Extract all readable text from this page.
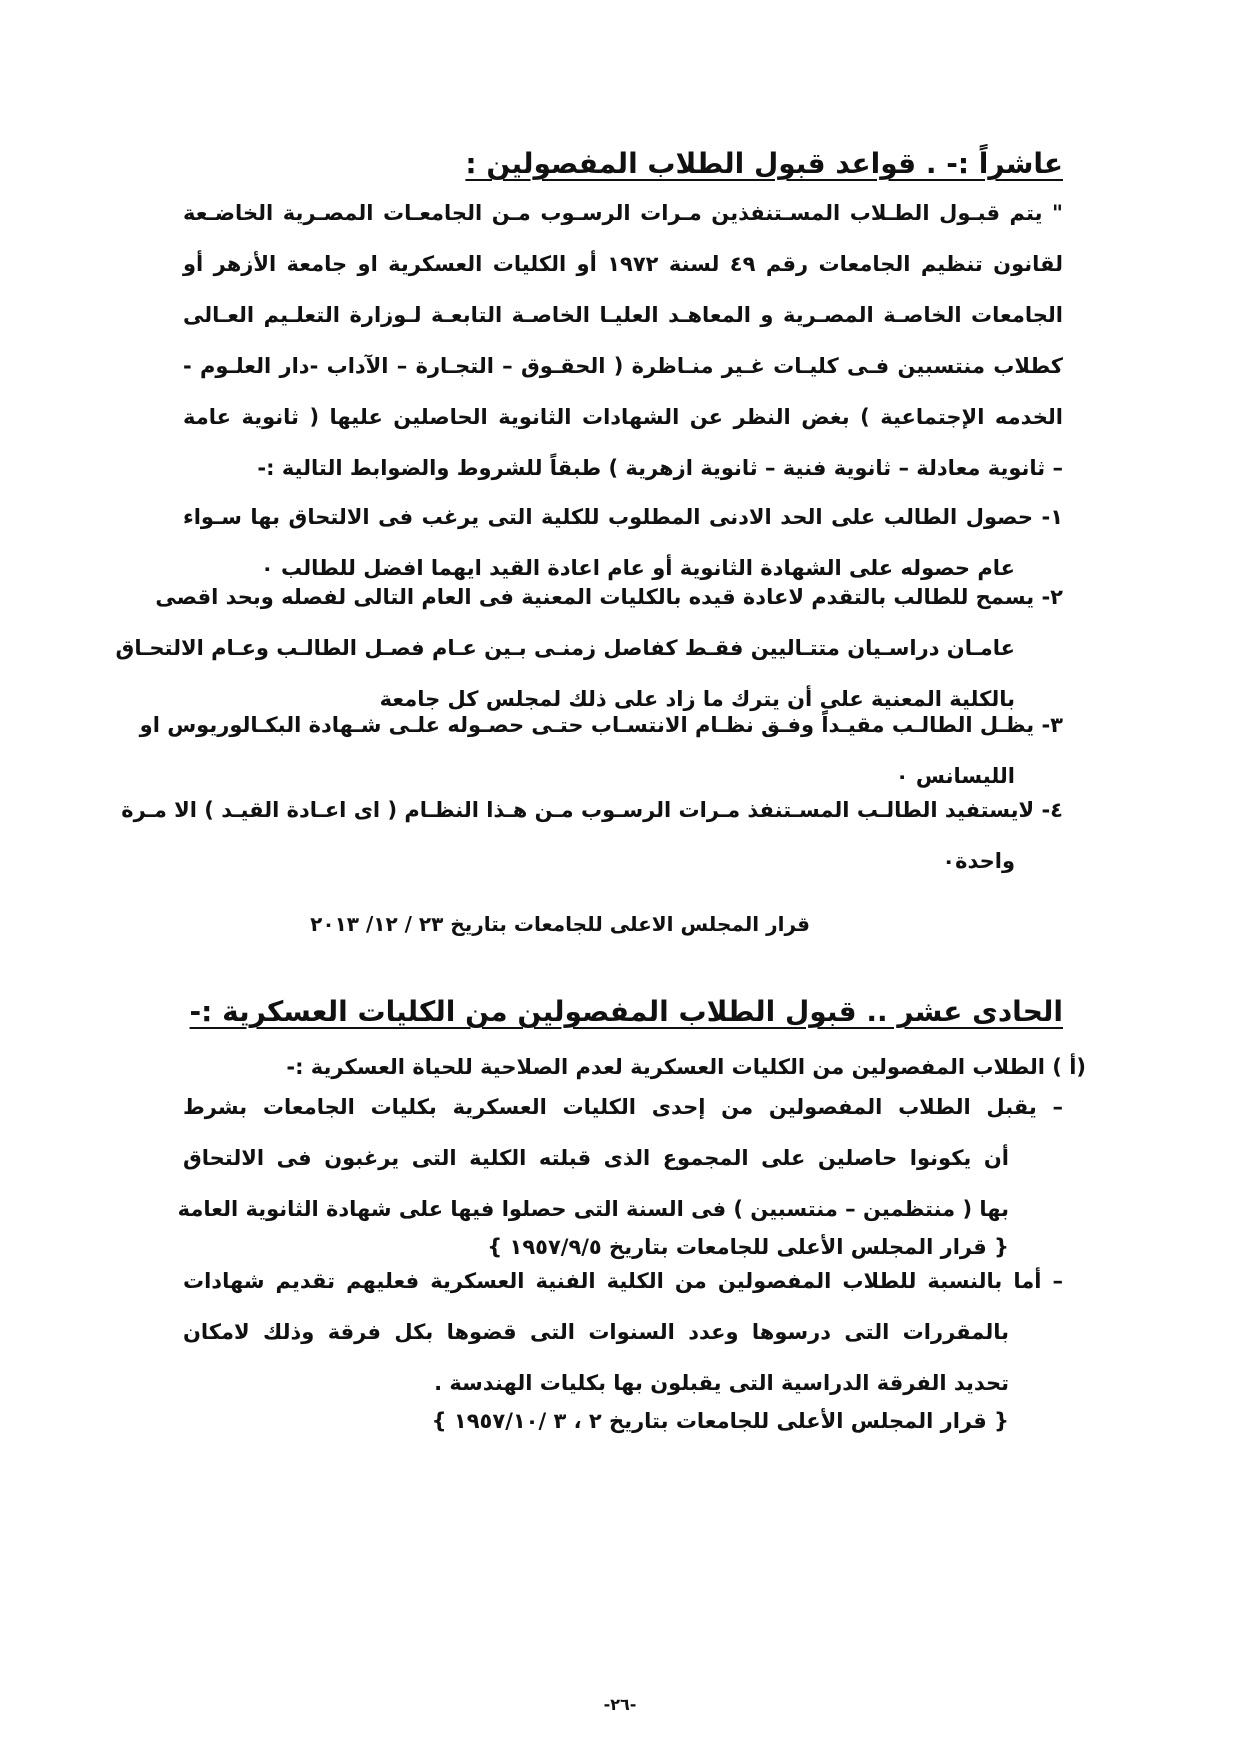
عاشراً :- . قواعد قبول الطلاب المفصولين :
" يتم قبـول الطـلاب المسـتنفذين مـرات الرسـوب مـن الجامعـات المصـرية الخاضـعة
لقانون تنظيم الجامعات رقم ٤٩ لسنة ١٩٧٢ أو الكليات العسكرية او جامعة الأزهر أو
الجامعات الخاصـة المصـرية و المعاهـد العليـا الخاصـة التابعـة لـوزارة التعلـيم العـالى
كطلاب منتسبين فـى كليـات غـير منـاظرة ( الحقـوق – التجـارة – الآداب -دار العلـوم -
الخدمه الإجتماعية ) بغض النظر عن الشهادات الثانوية الحاصلين عليها ( ثانوية عامة
– ثانوية معادلة – ثانوية فنية – ثانوية ازهرية ) طبقاً للشروط والضوابط التالية :-
١- حصول الطالب على الحد الادنى المطلوب للكلية التى يرغب فى الالتحاق بها سـواء
عام حصوله على الشهادة الثانوية أو عام اعادة القيد ايهما افضل للطالب ٠
٢- يسمح للطالب بالتقدم لاعادة قيده بالكليات المعنية فى العام التالى لفصله وبحد اقصى
عامـان دراسـيان متتـاليين فقـط كفاصل زمنـى بـين عـام فصـل الطالـب وعـام الالتحـاق
بالكلية المعنية على أن يترك ما زاد على ذلك لمجلس كل جامعة
٣- يظـل الطالـب مقيـداً وفـق نظـام الانتسـاب حتـى حصـوله علـى شـهادة البكـالوريوس او
الليسانس ٠
٤- لايستفيد الطالـب المسـتنفذ مـرات الرسـوب مـن هـذا النظـام ( اى اعـادة القيـد ) الا مـرة
واحدة٠
قرار المجلس الاعلى للجامعات بتاريخ ٢٣ / ١٢/ ٢٠١٣
الحادى عشر .. قبول الطلاب المفصولين من الكليات العسكرية :-
(أ ) الطلاب المفصولين من الكليات العسكرية لعدم الصلاحية للحياة العسكرية :-
– يقبل الطلاب المفصولين من إحدى الكليات العسكرية بكليات الجامعات بشرط
أن يكونوا حاصلين على المجموع الذى قبلته الكلية التى يرغبون فى الالتحاق
بها ( منتظمين – منتسبين ) فى السنة التى حصلوا فيها على شهادة الثانوية العامة
{ قرار المجلس الأعلى للجامعات بتاريخ ١٩٥٧/٩/٥ }
– أما بالنسبة للطلاب المفصولين من الكلية الفنية العسكرية فعليهم تقديم شهادات
بالمقررات التى درسوها وعدد السنوات التى قضوها بكل فرقة وذلك لامكان
تحديد الفرقة الدراسية التى يقبلون بها بكليات الهندسة .
{ قرار المجلس الأعلى للجامعات بتاريخ ٢ ، ٣ /١٩٥٧/١٠ }
-٢٦-
